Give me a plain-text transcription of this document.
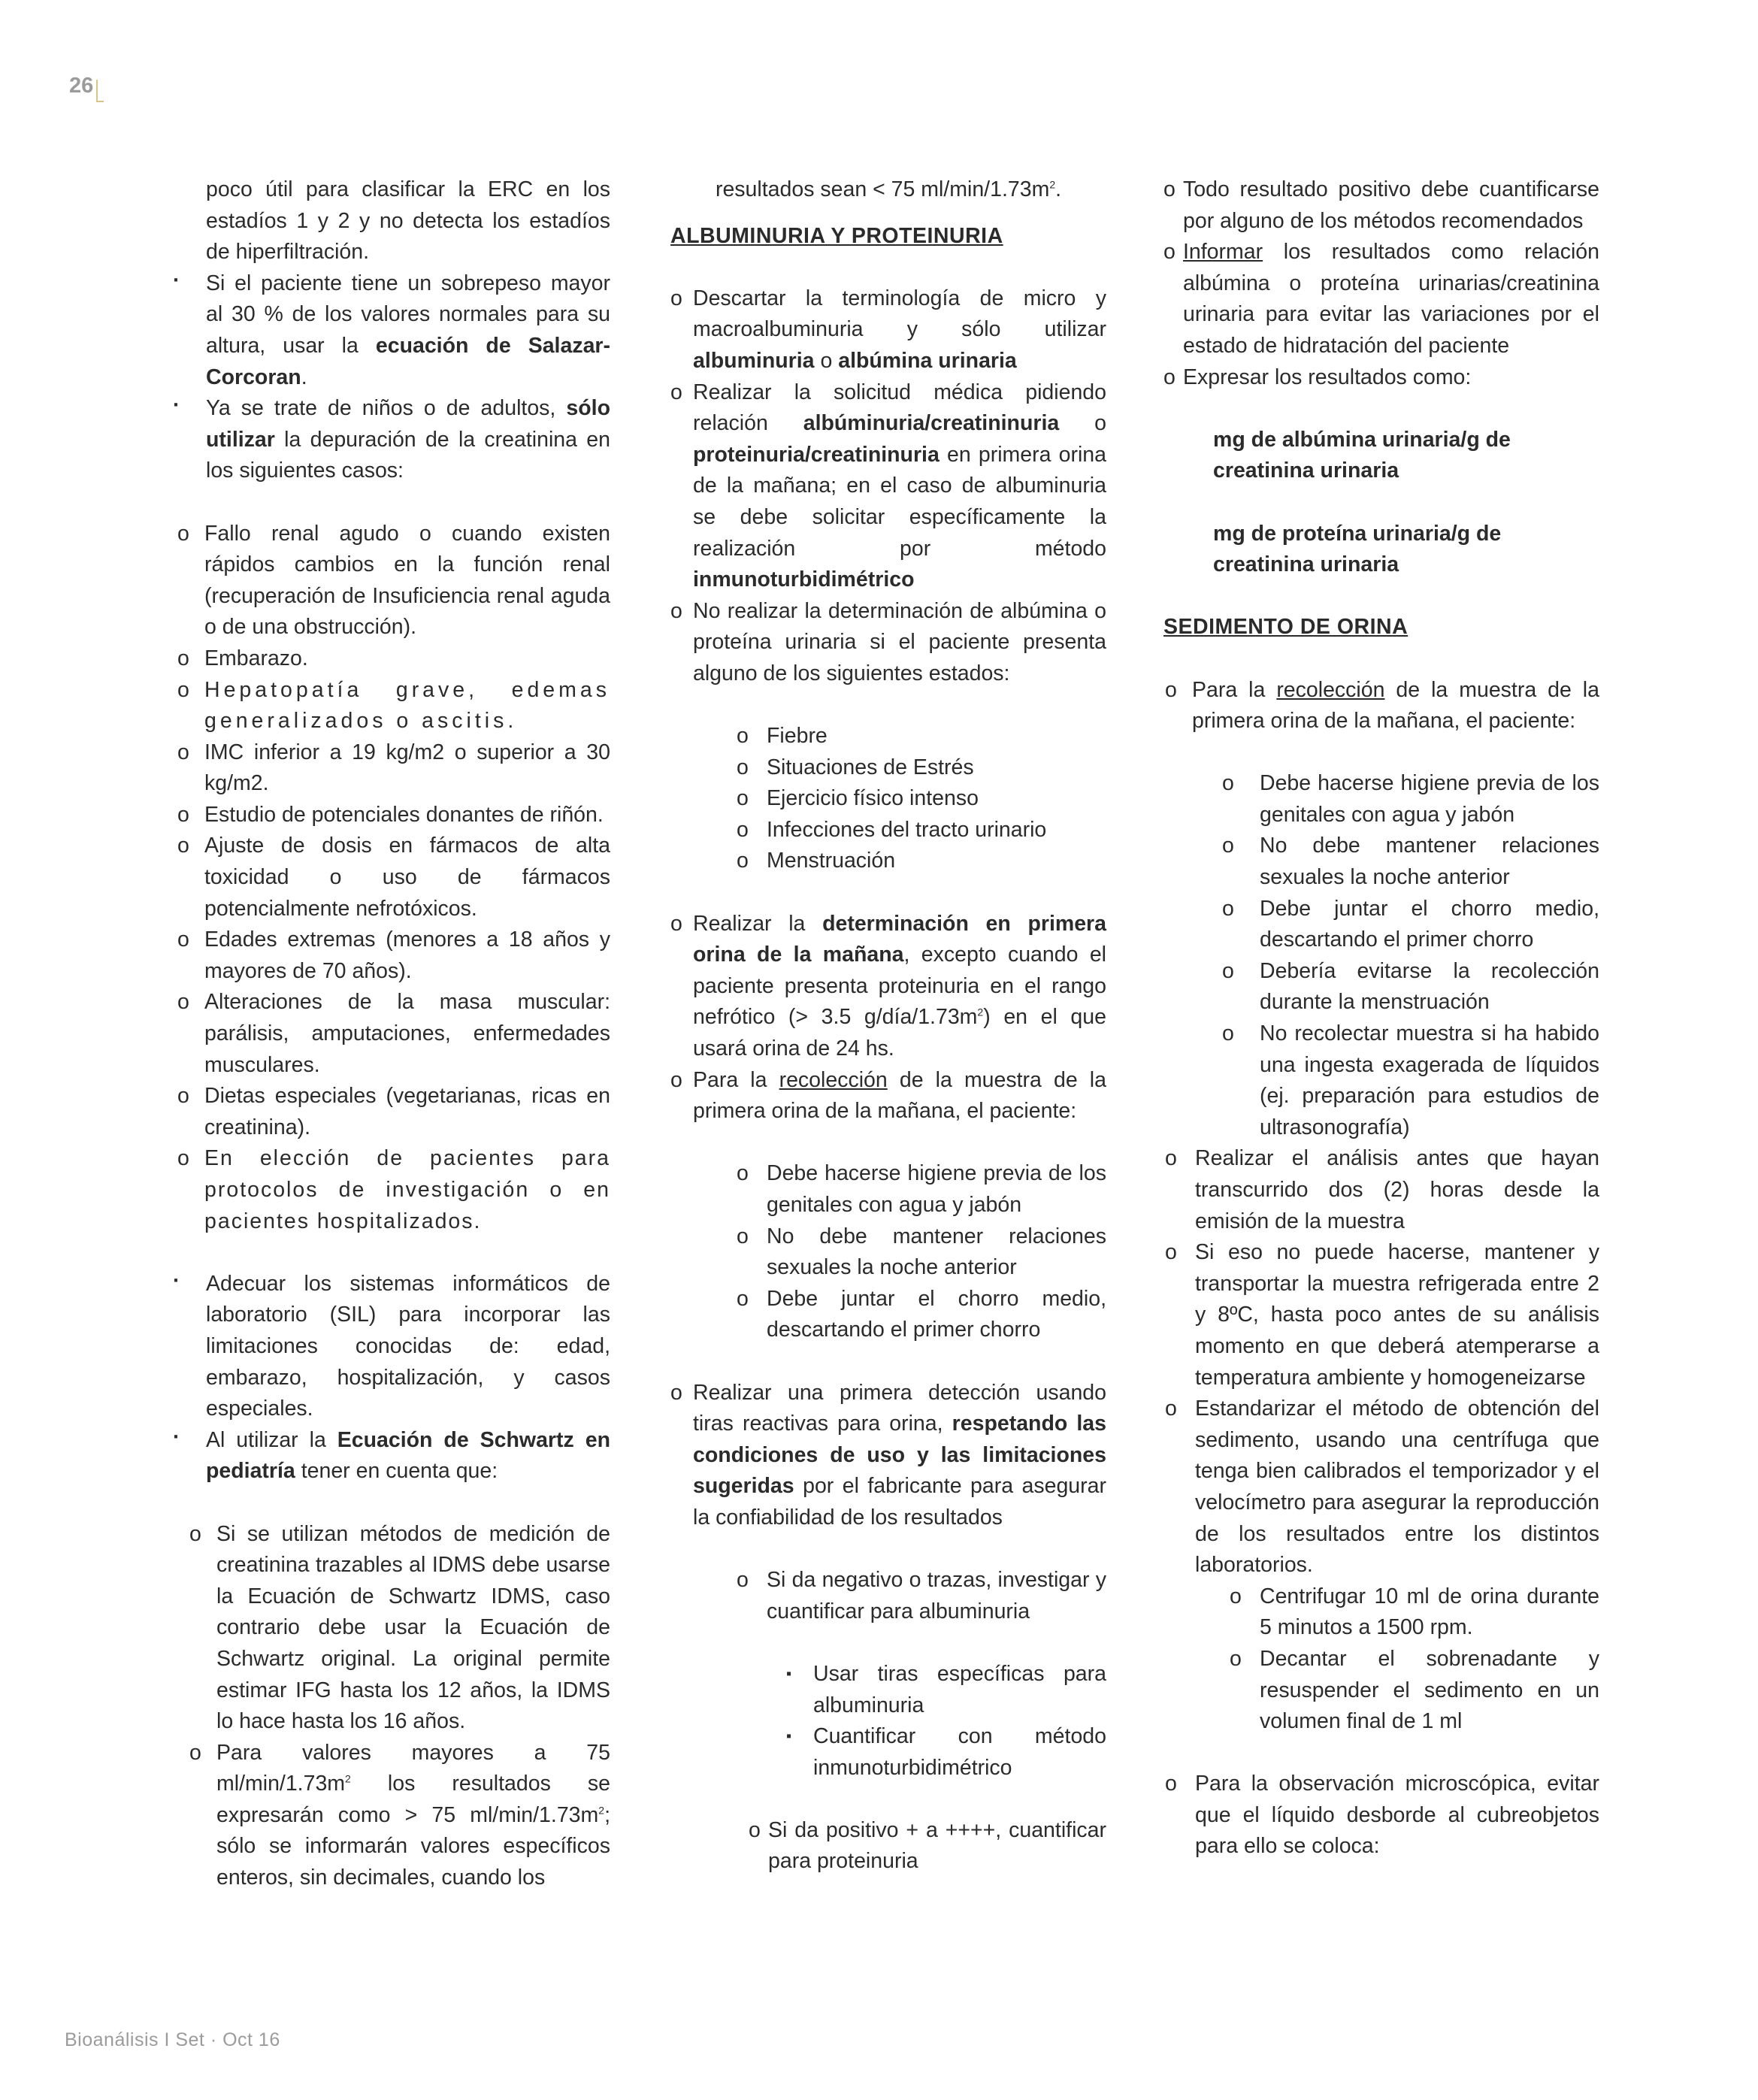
26
poco útil para clasificar la ERC en los estadíos 1 y 2 y no detecta los estadíos de hiperfiltración.
· Si el paciente tiene un sobrepeso mayor al 30 % de los valores normales para su altura, usar la ecuación de Salazar-Corcoran.
· Ya se trate de niños o de adultos, sólo utilizar la depuración de la creatinina en los siguientes casos:
o Fallo renal agudo o cuando existen rápidos cambios en la función renal (recuperación de Insuficiencia renal aguda o de una obstrucción).
o Embarazo.
o Hepatopatía grave, edemas generalizados o ascitis.
o IMC inferior a 19 kg/m2 o superior a 30 kg/m2.
o Estudio de potenciales donantes de riñón.
o Ajuste de dosis en fármacos de alta toxicidad o uso de fármacos potencialmente nefrotóxicos.
o Edades extremas (menores a 18 años y mayores de 70 años).
o Alteraciones de la masa muscular: parálisis, amputaciones, enfermedades musculares.
o Dietas especiales (vegetarianas, ricas en creatinina).
o En elección de pacientes para protocolos de investigación o en pacientes hospitalizados.
· Adecuar los sistemas informáticos de laboratorio (SIL) para incorporar las limitaciones conocidas de: edad, embarazo, hospitalización, y casos especiales.
· Al utilizar la Ecuación de Schwartz en pediatría tener en cuenta que:
o Si se utilizan métodos de medición de creatinina trazables al IDMS debe usarse la Ecuación de Schwartz IDMS, caso contrario debe usar la Ecuación de Schwartz original. La original permite estimar IFG hasta los 12 años, la IDMS lo hace hasta los 16 años.
o Para valores mayores a 75 $ml/\min/1.73m^2$ los resultados se expresarán como > 75 $ml/\min/1.73m^2$; sólo se informarán valores específicos enteros, sin decimales, cuando los
resultados sean < 75 $ml/\min/1.73m^2$.
ALBUMINURIA Y PROTEINURIA
o Descartar la terminología de micro y macroalbuminuria y sólo utilizar albuminuria o albúmina urinaria
o Realizar la solicitud médica pidiendo relación albúminuria/creatininuria o proteinuria/creatininuria en primera orina de la mañana; en el caso de albuminuria se debe solicitar específicamente la realización por método inmunoturbidimétrico
o No realizar la determinación de albúmina o proteína urinaria si el paciente presenta alguno de los siguientes estados:
o Fiebre
o Situaciones de Estrés
o Ejercicio físico intenso
o Infecciones del tracto urinario
o Menstruación
o Realizar la determinación en primera orina de la mañana, excepto cuando el paciente presenta proteinuria en el rango nefrótico (> 3.5 $g/día/1.73m^2$) en el que usará orina de 24 hs.
o Para la recolección de la muestra de la primera orina de la mañana, el paciente:
o Debe hacerse higiene previa de los genitales con agua y jabón
o No debe mantener relaciones sexuales la noche anterior
o Debe juntar el chorro medio, descartando el primer chorro
o Realizar una primera detección usando tiras reactivas para orina, respetando las condiciones de uso y las limitaciones sugeridas por el fabricante para asegurar la confiabilidad de los resultados
o Si da negativo o trazas, investigar y cuantificar para albuminuria
▪ Usar tiras específicas para albuminuria
▪ Cuantificar con método inmunoturbidimétrico
o Si da positivo + a ++++, cuantificar para proteinuria
o Todo resultado positivo debe cuantificarse por alguno de los métodos recomendados
o Informar los resultados como relación albúmina o proteína urinarias/creatinina urinaria para evitar las variaciones por el estado de hidratación del paciente
o Expresar los resultados como:
mg de albúmina urinaria/g de creatinina urinaria
mg de proteína urinaria/g de creatinina urinaria
SEDIMENTO DE ORINA
o Para la recolección de la muestra de la primera orina de la mañana, el paciente:
o Debe hacerse higiene previa de los genitales con agua y jabón
o No debe mantener relaciones sexuales la noche anterior
o Debe juntar el chorro medio, descartando el primer chorro
o Debería evitarse la recolección durante la menstruación
o No recolectar muestra si ha habido una ingesta exagerada de líquidos (ej. preparación para estudios de ultrasonografía)
o Realizar el análisis antes que hayan transcurrido dos (2) horas desde la emisión de la muestra
o Si eso no puede hacerse, mantener y transportar la muestra refrigerada entre 2 y 8ºC, hasta poco antes de su análisis momento en que deberá atemperarse a temperatura ambiente y homogeneizarse
o Estandarizar el método de obtención del sedimento, usando una centrífuga que tenga bien calibrados el temporizador y el velocímetro para asegurar la reproducción de los resultados entre los distintos laboratorios.
o Centrifugar 10 ml de orina durante 5 minutos a 1500 rpm.
o Decantar el sobrenadante y resuspender el sedimento en un volumen final de 1 ml
o Para la observación microscópica, evitar que el líquido desborde al cubreobjetos para ello se coloca:
Bioanálisis I Set · Oct 16
